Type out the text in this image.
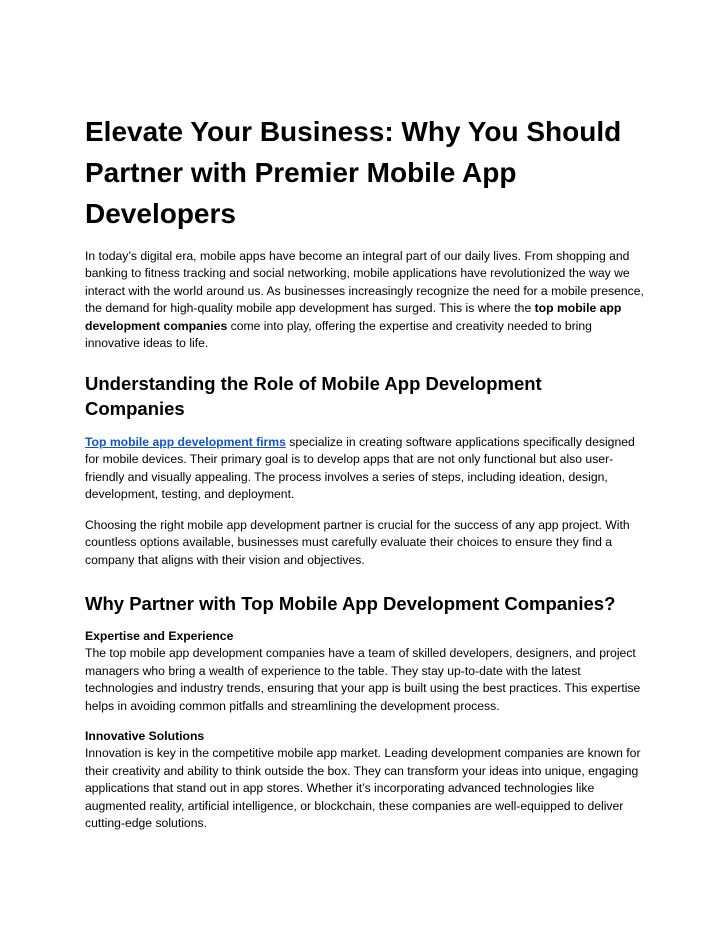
Elevate Your Business: Why You Should Partner with Premier Mobile App Developers

In today’s digital era, mobile apps have become an integral part of our daily lives. From shopping and banking to fitness tracking and social networking, mobile applications have revolutionized the way we interact with the world around us. As businesses increasingly recognize the need for a mobile presence, the demand for high-quality mobile app development has surged. This is where the top mobile app development companies come into play, offering the expertise and creativity needed to bring innovative ideas to life.

Understanding the Role of Mobile App Development Companies

Top mobile app development firms specialize in creating software applications specifically designed for mobile devices. Their primary goal is to develop apps that are not only functional but also user-friendly and visually appealing. The process involves a series of steps, including ideation, design, development, testing, and deployment.

Choosing the right mobile app development partner is crucial for the success of any app project. With countless options available, businesses must carefully evaluate their choices to ensure they find a company that aligns with their vision and objectives.

Why Partner with Top Mobile App Development Companies?

Expertise and Experience
The top mobile app development companies have a team of skilled developers, designers, and project managers who bring a wealth of experience to the table. They stay up-to-date with the latest technologies and industry trends, ensuring that your app is built using the best practices. This expertise helps in avoiding common pitfalls and streamlining the development process.

Innovative Solutions
Innovation is key in the competitive mobile app market. Leading development companies are known for their creativity and ability to think outside the box. They can transform your ideas into unique, engaging applications that stand out in app stores. Whether it’s incorporating advanced technologies like augmented reality, artificial intelligence, or blockchain, these companies are well-equipped to deliver cutting-edge solutions.
